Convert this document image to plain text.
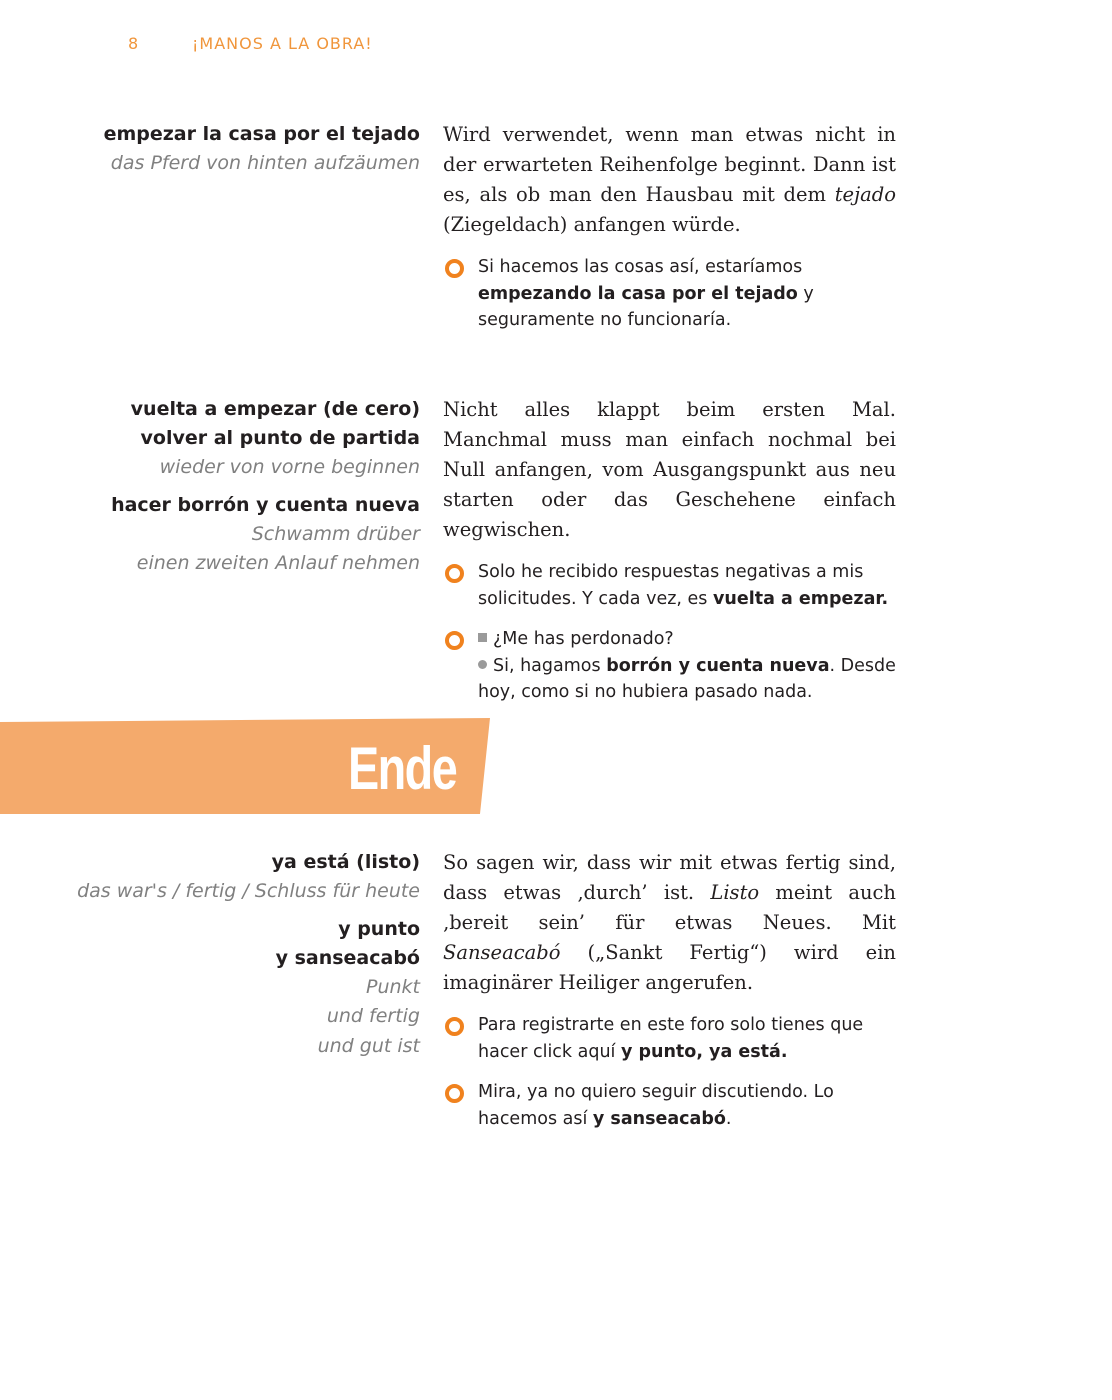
8	¡MANOS A LA OBRA!
empezar la casa por el tejado
das Pferd von hinten aufzäumen

Wird verwendet, wenn man etwas nicht in der erwarteten Reihenfolge beginnt. Dann ist es, als ob man den Hausbau mit dem tejado (Ziegeldach) anfangen würde.

Si hacemos las cosas así, estaríamos empezando la casa por el tejado y seguramente no funcionaría.
vuelta a empezar (de cero)
volver al punto de partida
wieder von vorne beginnen
hacer borrón y cuenta nueva
Schwamm drüber
einen zweiten Anlauf nehmen

Nicht alles klappt beim ersten Mal. Manchmal muss man einfach nochmal bei Null anfangen, vom Ausgangspunkt aus neu starten oder das Geschehene einfach wegwischen.

Solo he recibido respuestas negativas a mis solicitudes. Y cada vez, es vuelta a empezar.
¿Me has perdonado?
Si, hagamos borrón y cuenta nueva. Desde hoy, como si no hubiera pasado nada.
Ende
ya está (listo)
das war's / fertig / Schluss für heute
y punto
y sanseacabó
Punkt
und fertig
und gut ist

So sagen wir, dass wir mit etwas fertig sind, dass etwas ‚durch’ ist. Listo meint auch ‚bereit sein’ für etwas Neues. Mit Sanseacabó („Sankt Fertig“) wird ein imaginärer Heiliger angerufen.

Para registrarte en este foro solo tienes que hacer click aquí y punto, ya está.
Mira, ya no quiero seguir discutiendo. Lo hacemos así y sanseacabó.
